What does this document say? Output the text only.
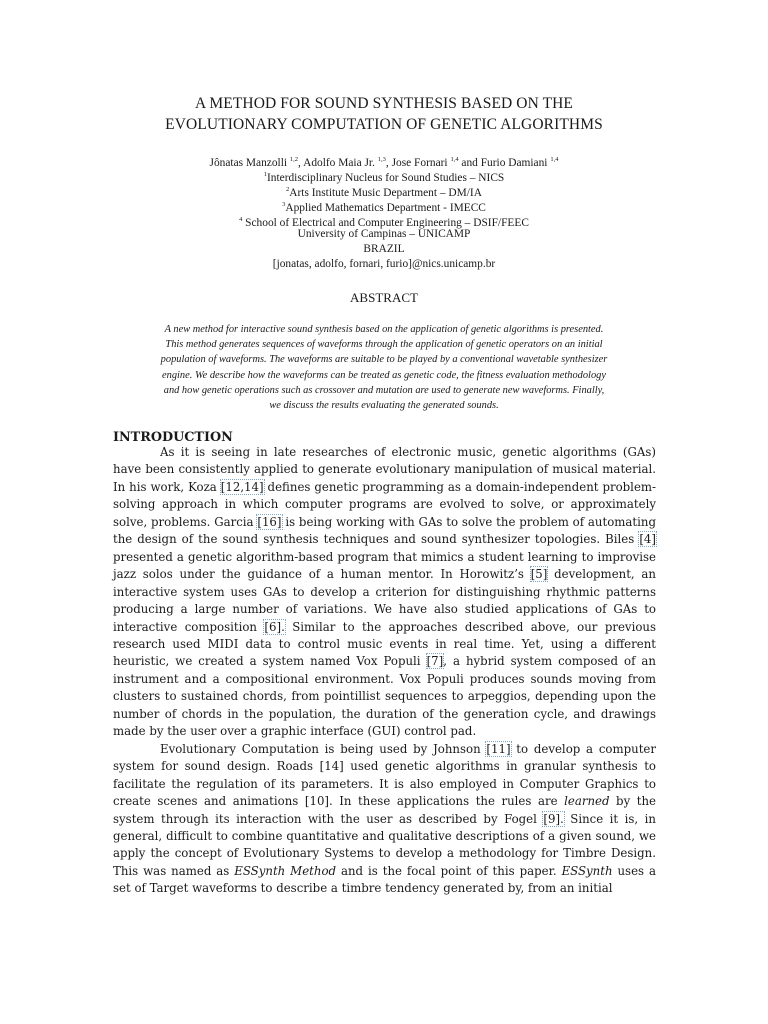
A METHOD FOR SOUND SYNTHESIS BASED ON THE
EVOLUTIONARY COMPUTATION OF GENETIC ALGORITHMS
Jônatas Manzolli $^{1,2}$, Adolfo Maia Jr. $^{1,3}$, Jose Fornari $^{1,4}$ and Furio Damiani $^{1,4}$
$^1$Interdisciplinary Nucleus for Sound Studies – NICS
$^2$Arts Institute Music Department – DM/IA
$^3$Applied Mathematics Department - IMECC
$^4$ School of Electrical and Computer Engineering – DSIF/FEEC
University of Campinas – UNICAMP
BRAZIL
[jonatas, adolfo, fornari, furio]@nics.unicamp.br
ABSTRACT
A new method for interactive sound synthesis based on the application of genetic algorithms is presented.
This method generates sequences of waveforms through the application of genetic operators on an initial
population of waveforms. The waveforms are suitable to be played by a conventional wavetable synthesizer
engine. We describe how the waveforms can be treated as genetic code, the fitness evaluation methodology
and how genetic operations such as crossover and mutation are used to generate new waveforms. Finally,
we discuss the results evaluating the generated sounds.
INTRODUCTION

As it is seeing in late researches of electronic music, genetic algorithms (GAs) have been consistently applied to generate evolutionary manipulation of musical material. In his work, Koza [12,14] defines genetic programming as a domain-independent problem-solving approach in which computer programs are evolved to solve, or approximately solve, problems. Garcia [16] is being working with GAs to solve the problem of automating the design of the sound synthesis techniques and sound synthesizer topologies. Biles [4] presented a genetic algorithm-based program that mimics a student learning to improvise jazz solos under the guidance of a human mentor. In Horowitz’s [5] development, an interactive system uses GAs to develop a criterion for distinguishing rhythmic patterns producing a large number of variations. We have also studied applications of GAs to interactive composition [6]. Similar to the approaches described above, our previous research used MIDI data to control music events in real time. Yet, using a different heuristic, we created a system named Vox Populi [7], a hybrid system composed of an instrument and a compositional environment. Vox Populi produces sounds moving from clusters to sustained chords, from pointillist sequences to arpeggios, depending upon the number of chords in the population, the duration of the generation cycle, and drawings made by the user over a graphic interface (GUI) control pad.

Evolutionary Computation is being used by Johnson [11] to develop a computer system for sound design. Roads [14] used genetic algorithms in granular synthesis to facilitate the regulation of its parameters. It is also employed in Computer Graphics to create scenes and animations [10]. In these applications the rules are learned by the system through its interaction with the user as described by Fogel [9]. Since it is, in general, difficult to combine quantitative and qualitative descriptions of a given sound, we apply the concept of Evolutionary Systems to develop a methodology for Timbre Design. This was named as ESSynth Method and is the focal point of this paper. ESSynth uses a set of Target waveforms to describe a timbre tendency generated by, from an initial
